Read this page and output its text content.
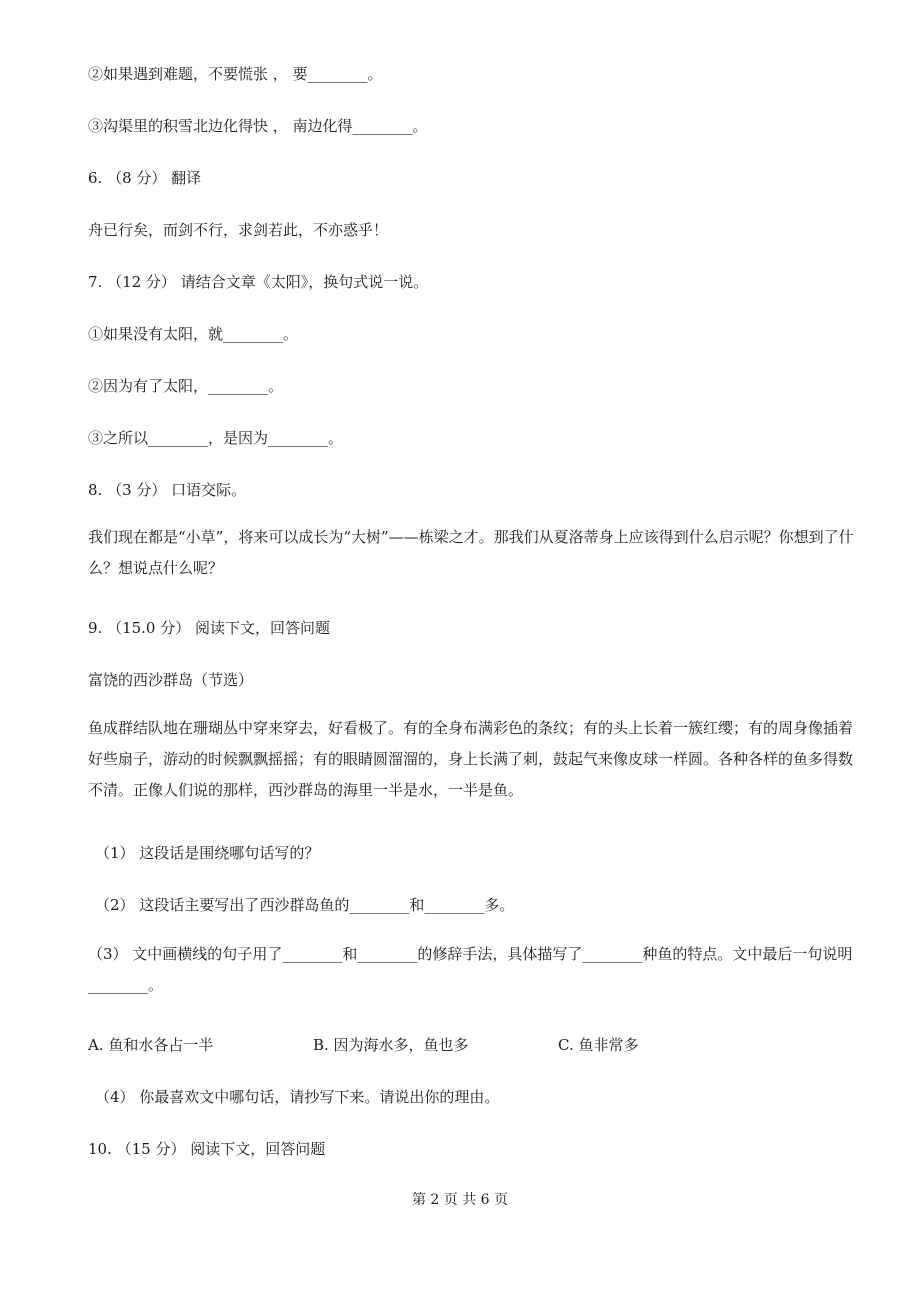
②如果遇到难题，不要慌张 ， 要________。
③沟渠里的积雪北边化得快 ， 南边化得________。
6. （8 分） 翻译
舟已行矣，而剑不行，求剑若此，不亦惑乎！
7. （12 分） 请结合文章《太阳》，换句式说一说。
①如果没有太阳，就________。
②因为有了太阳，________。
③之所以________，是因为________。
8. （3 分） 口语交际。
我们现在都是“小草”，将来可以成长为“大树”——栋梁之才。那我们从夏洛蒂身上应该得到什么启示呢？你想到了什么？想说点什么呢？
9. （15.0 分） 阅读下文，回答问题
富饶的西沙群岛（节选）
鱼成群结队地在珊瑚丛中穿来穿去，好看极了。有的全身布满彩色的条纹；有的头上长着一簇红缨；有的周身像插着好些扇子，游动的时候飘飘摇摇；有的眼睛圆溜溜的，身上长满了刺，鼓起气来像皮球一样圆。各种各样的鱼多得数不清。正像人们说的那样，西沙群岛的海里一半是水，一半是鱼。
（1） 这段话是围绕哪句话写的？
（2） 这段话主要写出了西沙群岛鱼的________和________多。
（3） 文中画横线的句子用了________和________的修辞手法，具体描写了________种鱼的特点。文中最后一句说明________。
A. 鱼和水各占一半	B. 因为海水多，鱼也多	C. 鱼非常多
（4） 你最喜欢文中哪句话，请抄写下来。请说出你的理由。
10. （15 分） 阅读下文，回答问题
第 2 页 共 6 页
